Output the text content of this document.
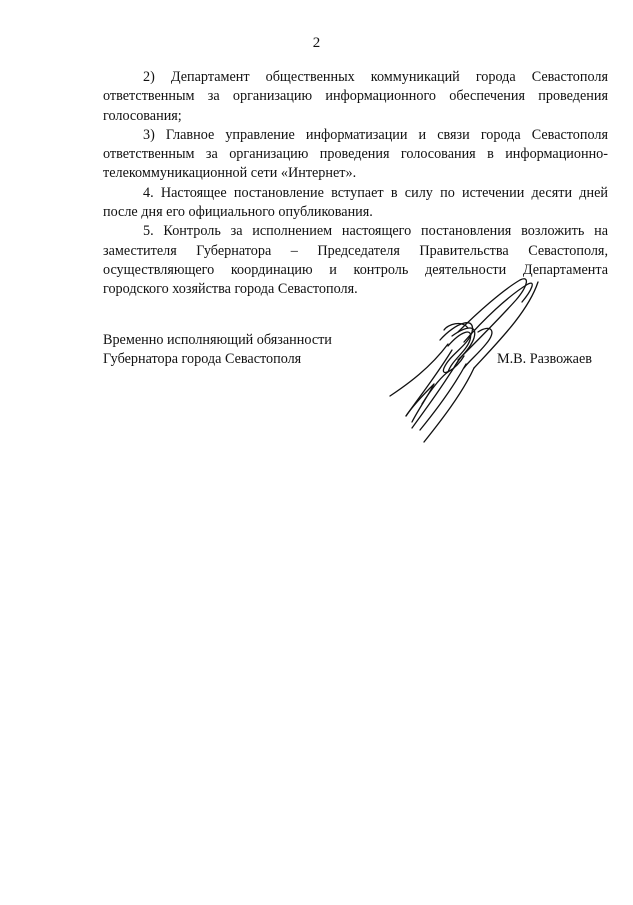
2

2) Департамент общественных коммуникаций города Севастополя ответственным за организацию информационного обеспечения проведения голосования;

3) Главное управление информатизации и связи города Севастополя ответственным за организацию проведения голосования в информационно-телекоммуникационной сети «Интернет».

4. Настоящее постановление вступает в силу по истечении десяти дней после дня его официального опубликования.

5. Контроль за исполнением настоящего постановления возложить на заместителя Губернатора – Председателя Правительства Севастополя, осуществляющего координацию и контроль деятельности Департамента городского хозяйства города Севастополя.

Временно исполняющий обязанности
Губернатора города Севастополя	М.В. Развожаев
